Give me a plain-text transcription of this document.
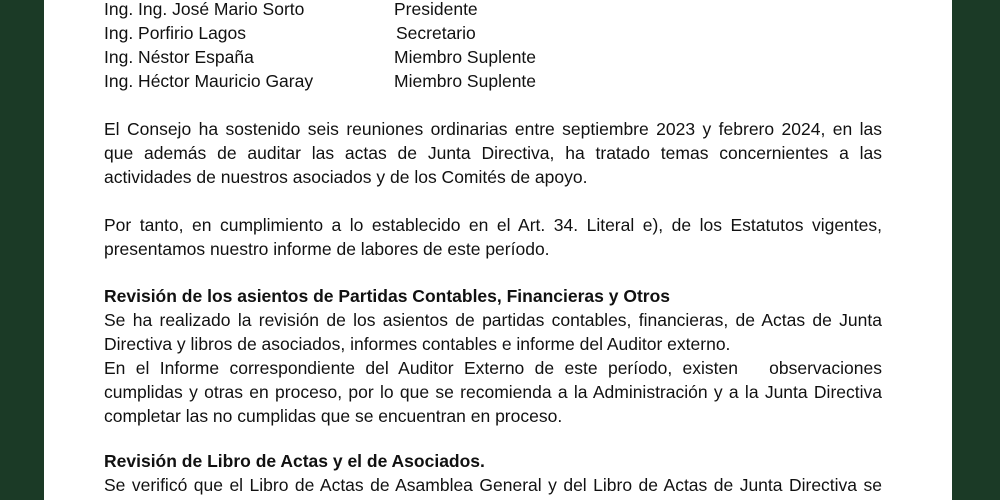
Ing. Ing. José Mario Sorto	Presidente
Ing. Porfirio Lagos	Secretario
Ing. Néstor España	Miembro Suplente
Ing. Héctor Mauricio Garay	Miembro Suplente
El Consejo ha sostenido seis reuniones ordinarias entre septiembre 2023 y febrero 2024, en las
que además de auditar las actas de Junta Directiva, ha tratado temas concernientes a las
actividades de nuestros asociados y de los Comités de apoyo.
Por tanto, en cumplimiento a lo establecido en el Art. 34. Literal e), de los Estatutos vigentes,
presentamos nuestro informe de labores de este período.
Revisión de los asientos de Partidas Contables, Financieras y Otros
Se ha realizado la revisión de los asientos de partidas contables, financieras, de Actas de Junta
Directiva y libros de asociados, informes contables e informe del Auditor externo.
En el Informe correspondiente del Auditor Externo de este período, existen   observaciones
cumplidas y otras en proceso, por lo que se recomienda a la Administración y a la Junta Directiva
completar las no cumplidas que se encuentran en proceso.
Revisión de Libro de Actas y el de Asociados.
Se verificó que el Libro de Actas de Asamblea General y del Libro de Actas de Junta Directiva se
